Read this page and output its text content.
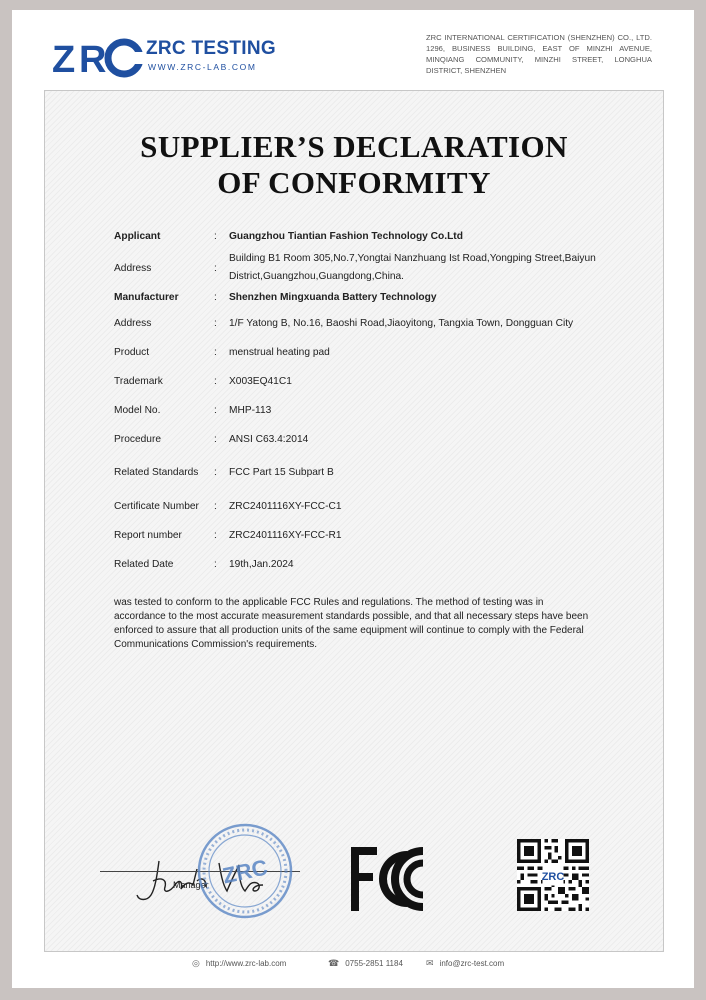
Z R ZRC TESTING
WWW.ZRC-LAB.COM
ZRC INTERNATIONAL CERTIFICATION (SHENZHEN) CO., LTD. 1296, BUSINESS BUILDING, EAST OF MINZHI AVENUE, MINQIANG COMMUNITY, MINZHI STREET, LONGHUA DISTRICT, SHENZHEN
SUPPLIER’S DECLARATION
OF CONFORMITY
Applicant	: Guangzhou Tiantian Fashion Technology Co.Ltd
Address	:
Building B1 Room 305,No.7,Yongtai Nanzhuang Ist Road,Yongping Street,Baiyun District,Guangzhou,Guangdong,China.
Manufacturer	: Shenzhen Mingxuanda Battery Technology
Address	: 1/F Yatong B, No.16, Baoshi Road,Jiaoyitong, Tangxia Town, Dongguan City
Product	: menstrual heating pad
Trademark	: X003EQ41C1
Model No.	: MHP-113
Procedure	: ANSI C63.4:2014
Related Standards : FCC Part 15 Subpart B
Certificate Number : ZRC2401116XY-FCC-C1
Report number	: ZRC2401116XY-FCC-R1
Related Date	: 19th,Jan.2024
was tested to conform to the applicable FCC Rules and regulations. The method of testing was in accordance to the most accurate measurement standards possible, and that all necessary steps have been enforced to assure that all production units of the same equipment will continue to comply with the Federal Communications Commission's requirements.
Manager ZRC	ZRC
◎ http://www.zrc-lab.com	☎ 0755-2851 1184	✉ info@zrc-test.com
